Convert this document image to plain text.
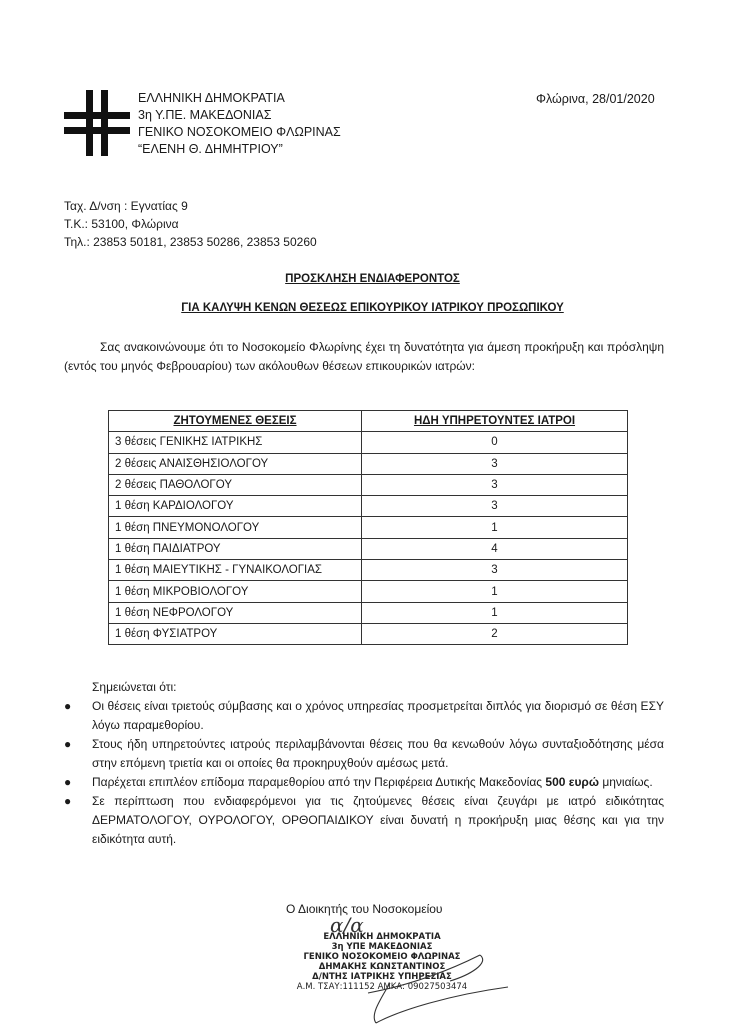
ΕΛΛΗΝΙΚΗ ΔΗΜΟΚΡΑΤΙΑ
3η Υ.ΠΕ. ΜΑΚΕΔΟΝΙΑΣ
ΓΕΝΙΚΟ ΝΟΣΟΚΟΜΕΙΟ ΦΛΩΡΙΝΑΣ
“ΕΛΕΝΗ Θ. ΔΗΜΗΤΡΙΟΥ”
Φλώρινα, 28/01/2020
Ταχ. Δ/νση : Εγνατίας 9
Τ.Κ.: 53100, Φλώρινα
Τηλ.: 23853 50181, 23853 50286, 23853 50260
ΠΡΟΣΚΛΗΣΗ ΕΝΔΙΑΦΕΡΟΝΤΟΣ
ΓΙΑ ΚΑΛΥΨΗ ΚΕΝΩΝ ΘΕΣΕΩΣ ΕΠΙΚΟΥΡΙΚΟΥ ΙΑΤΡΙΚΟΥ ΠΡΟΣΩΠΙΚΟΥ
Σας ανακοινώνουμε ότι το Νοσοκομείο Φλωρίνης έχει τη δυνατότητα για άμεση προκήρυξη και πρόσληψη (εντός του μηνός Φεβρουαρίου) των ακόλουθων θέσεων επικουρικών ιατρών:
ΖΗΤΟΥΜΕΝΕΣ ΘΕΣΕΙΣ	ΗΔΗ ΥΠΗΡΕΤΟΥΝΤΕΣ ΙΑΤΡΟΙ
3 θέσεις ΓΕΝΙΚΗΣ ΙΑΤΡΙΚΗΣ	0
2 θέσεις ΑΝΑΙΣΘΗΣΙΟΛΟΓΟΥ	3
2 θέσεις ΠΑΘΟΛΟΓΟΥ	3
1 θέση ΚΑΡΔΙΟΛΟΓΟΥ	3
1 θέση ΠΝΕΥΜΟΝΟΛΟΓΟΥ	1
1 θέση ΠΑΙΔΙΑΤΡΟΥ	4
1 θέση ΜΑΙΕΥΤΙΚΗΣ - ΓΥΝΑΙΚΟΛΟΓΙΑΣ	3
1 θέση ΜΙΚΡΟΒΙΟΛΟΓΟΥ	1
1 θέση ΝΕΦΡΟΛΟΓΟΥ	1
1 θέση ΦΥΣΙΑΤΡΟΥ	2
Σημειώνεται ότι:
● Οι θέσεις είναι τριετούς σύμβασης και ο χρόνος υπηρεσίας προσμετρείται διπλός για διορισμό σε θέση ΕΣΥ λόγω παραμεθορίου.
● Στους ήδη υπηρετούντες ιατρούς περιλαμβάνονται θέσεις που θα κενωθούν λόγω συνταξιοδότησης μέσα στην επόμενη τριετία και οι οποίες θα προκηρυχθούν αμέσως μετά.
● Παρέχεται επιπλέον επίδομα παραμεθορίου από την Περιφέρεια Δυτικής Μακεδονίας 500 ευρώ μηνιαίως.
● Σε περίπτωση που ενδιαφερόμενοι για τις ζητούμενες θέσεις είναι ζευγάρι με ιατρό ειδικότητας ΔΕΡΜΑΤΟΛΟΓΟΥ, ΟΥΡΟΛΟΓΟΥ, ΟΡΘΟΠΑΙΔΙΚΟΥ είναι δυνατή η προκήρυξη μιας θέσης και για την ειδικότητα αυτή.
Ο Διοικητής του Νοσοκομείου
α/α
ΕΛΛΗΝΙΚΗ ΔΗΜΟΚΡΑΤΙΑ
3η ΥΠΕ ΜΑΚΕΔΟΝΙΑΣ
ΓΕΝΙΚΟ ΝΟΣΟΚΟΜΕΙΟ ΦΛΩΡΙΝΑΣ
ΔΗΜΑΚΗΣ ΚΩΝΣΤΑΝΤΙΝΟΣ
Δ/ΝΤΗΣ ΙΑΤΡΙΚΗΣ ΥΠΗΡΕΣΙΑΣ
Α.Μ. ΤΣΑΥ:111152 ΑΜΚΑ: 09027503474
